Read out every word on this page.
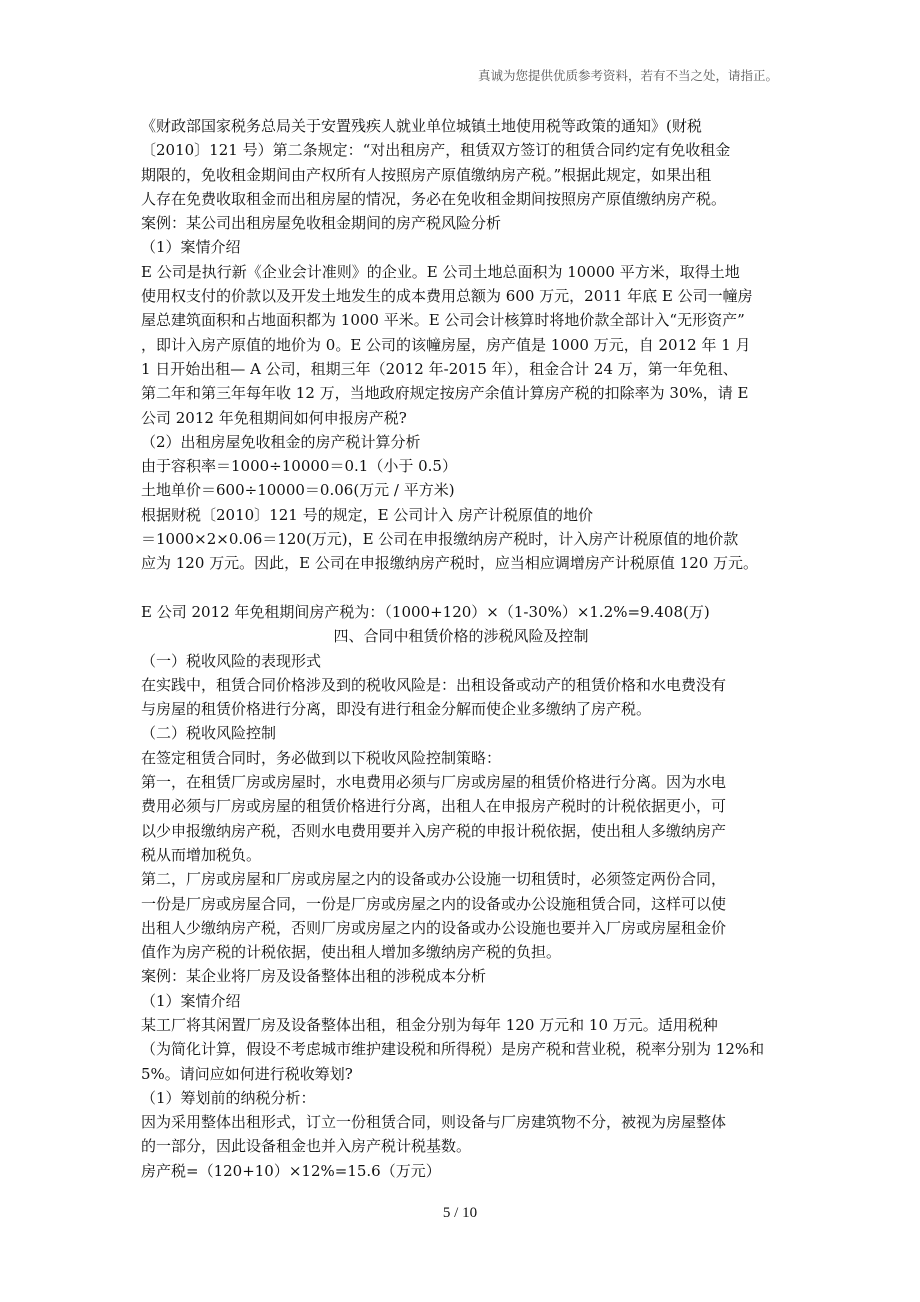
真诚为您提供优质参考资料，若有不当之处，请指正。
《财政部国家税务总局关于安置残疾人就业单位城镇土地使用税等政策的通知》(财税
〔2010〕121 号）第二条规定：“对出租房产，租赁双方签订的租赁合同约定有免收租金
期限的，免收租金期间由产权所有人按照房产原值缴纳房产税。”根据此规定，如果出租
人存在免费收取租金而出租房屋的情况，务必在免收租金期间按照房产原值缴纳房产税。
案例：某公司出租房屋免收租金期间的房产税风险分析
（1）案情介绍
E 公司是执行新《企业会计准则》的企业。E 公司土地总面积为 10000 平方米，取得土地
使用权支付的价款以及开发土地发生的成本费用总额为 600 万元，2011 年底 E 公司一幢房
屋总建筑面积和占地面积都为 1000 平米。E 公司会计核算时将地价款全部计入“无形资产”
，即计入房产原值的地价为 0。E 公司的该幢房屋，房产值是 1000 万元，自 2012 年 1 月
1 日开始出租— A 公司，租期三年（2012 年-2015 年），租金合计 24 万，第一年免租、
第二年和第三年每年收 12 万，当地政府规定按房产余值计算房产税的扣除率为 30%，请 E
公司 2012 年免租期间如何申报房产税?
（2）出租房屋免收租金的房产税计算分析
由于容积率＝1000÷10000＝0.1（小于 0.5）
土地单价＝600÷10000＝0.06(万元 / 平方米)
根据财税〔2010〕121 号的规定，E 公司计入 房产计税原值的地价
＝1000×2×0.06＝120(万元)，E 公司在申报缴纳房产税时，计入房产计税原值的地价款
应为 120 万元。因此，E 公司在申报缴纳房产税时，应当相应调增房产计税原值 120 万元。
E 公司 2012 年免租期间房产税为：（1000+120）×（1-30%）×1.2%=9.408(万)
四、合同中租赁价格的涉税风险及控制
（一）税收风险的表现形式
在实践中，租赁合同价格涉及到的税收风险是：出租设备或动产的租赁价格和水电费没有
与房屋的租赁价格进行分离，即没有进行租金分解而使企业多缴纳了房产税。
（二）税收风险控制
在签定租赁合同时，务必做到以下税收风险控制策略：
第一，在租赁厂房或房屋时，水电费用必须与厂房或房屋的租赁价格进行分离。因为水电
费用必须与厂房或房屋的租赁价格进行分离，出租人在申报房产税时的计税依据更小，可
以少申报缴纳房产税，否则水电费用要并入房产税的申报计税依据，使出租人多缴纳房产
税从而增加税负。
第二，厂房或房屋和厂房或房屋之内的设备或办公设施一切租赁时，必须签定两份合同，
一份是厂房或房屋合同，一份是厂房或房屋之内的设备或办公设施租赁合同，这样可以使
出租人少缴纳房产税，否则厂房或房屋之内的设备或办公设施也要并入厂房或房屋租金价
值作为房产税的计税依据，使出租人增加多缴纳房产税的负担。
案例：某企业将厂房及设备整体出租的涉税成本分析
（1）案情介绍
某工厂将其闲置厂房及设备整体出租，租金分别为每年 120 万元和 10 万元。适用税种
（为简化计算，假设不考虑城市维护建设税和所得税）是房产税和营业税，税率分别为 12%和
5%。请问应如何进行税收筹划?
（1）筹划前的纳税分析：
因为采用整体出租形式，订立一份租赁合同，则设备与厂房建筑物不分，被视为房屋整体
的一部分，因此设备租金也并入房产税计税基数。
房产税=（120+10）×12%=15.6（万元）
5 / 10
